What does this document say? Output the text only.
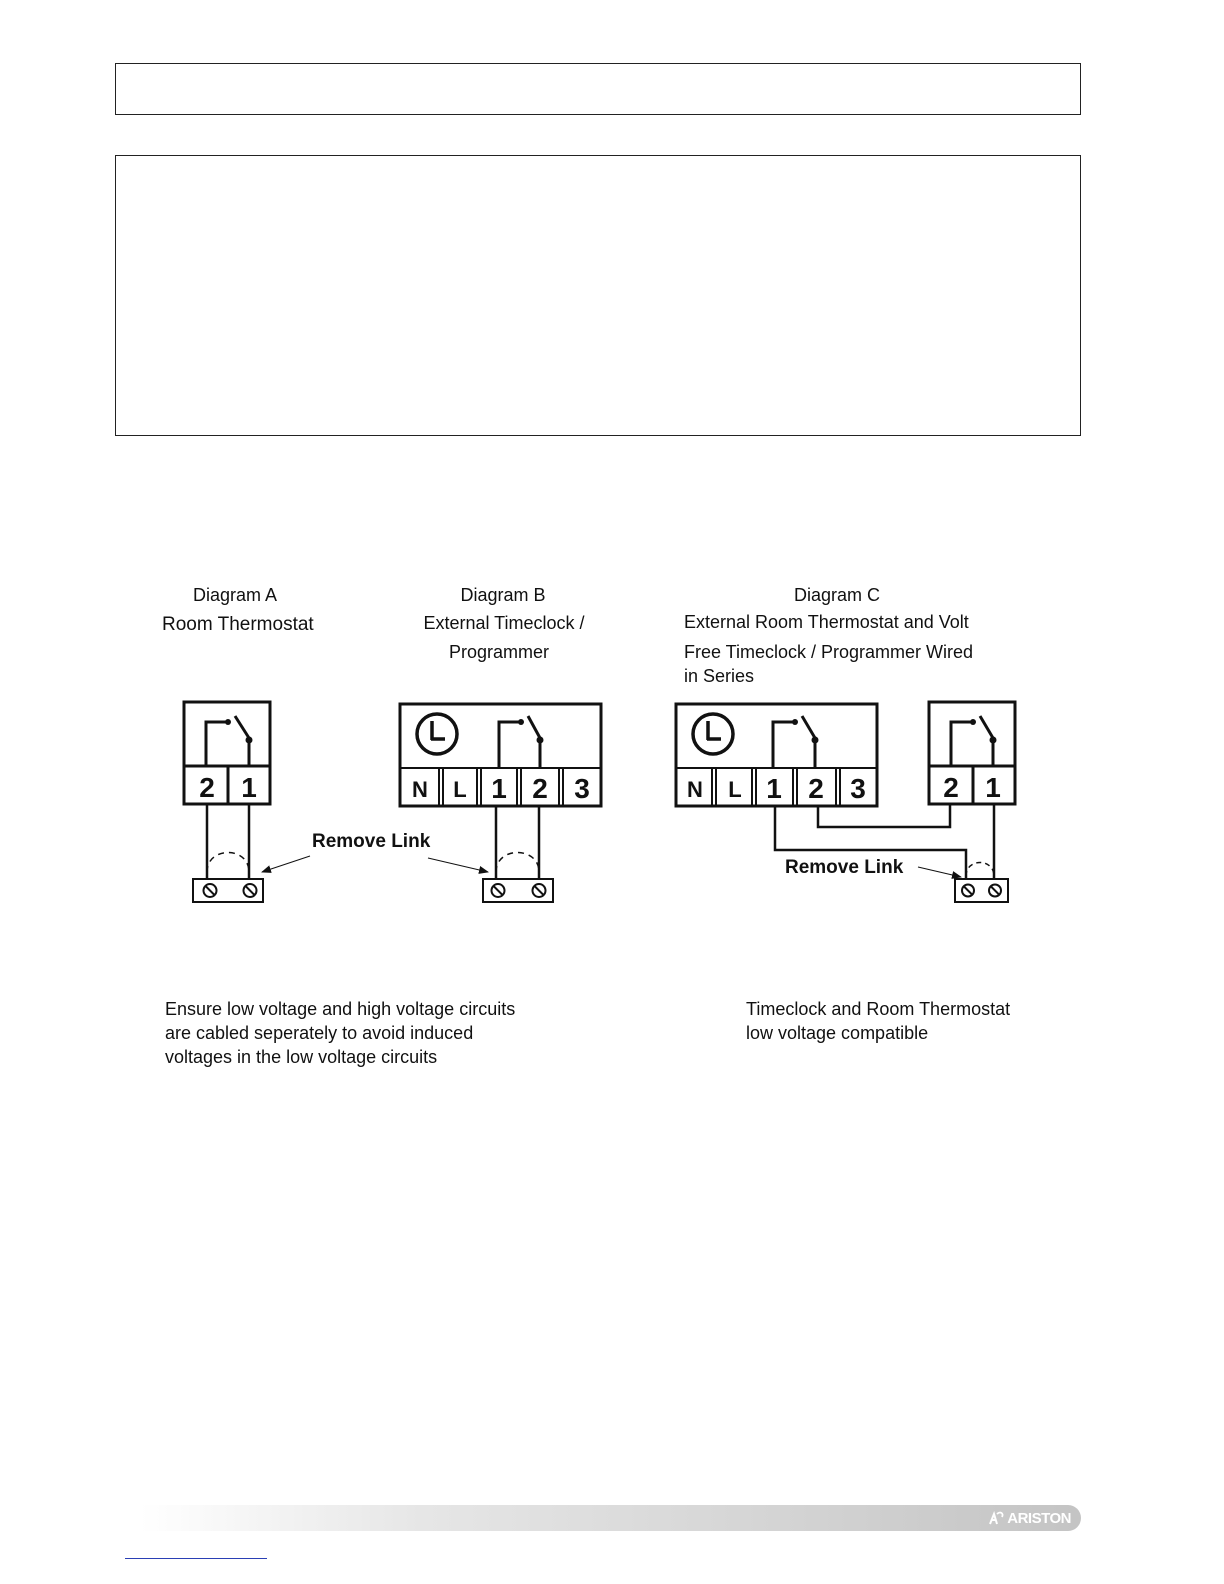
Diagram A
Room Thermostat
2 1
Remove Link
Diagram B
External Timeclock /
Programmer
N L 1 2 3
Diagram C
External Room Thermostat and Volt
Free Timeclock / Programmer Wired
in Series
N L 1 2 3	2 1
Remove Link

Ensure low voltage and high voltage circuits
are cabled seperately to avoid induced
voltages in the low voltage circuits

Timeclock and Room Thermostat
low voltage compatible

ARISTON
